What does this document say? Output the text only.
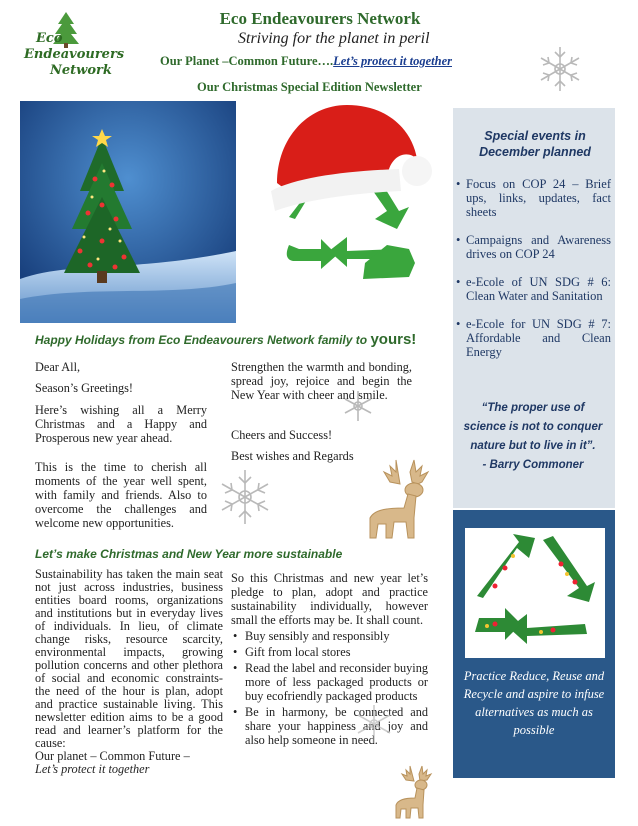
Eco
Endeavourers
Network
Eco Endeavourers Network
Striving for the planet in peril
Our Planet –Common Future….Let’s protect it together
Our Christmas Special Edition Newsletter
Special events in December planned
• Focus on COP 24 – Brief ups, links, updates, fact sheets
• Campaigns and Awareness drives on COP 24
• e-Ecole of UN SDG # 6: Clean Water and Sanitation
• e-Ecole for UN SDG # 7: Affordable and Clean Energy
“The proper use of science is not to conquer nature but to live in it”.
- Barry Commoner
Practice Reduce, Reuse and Recycle and aspire to infuse alternatives as much as possible
Happy Holidays from Eco Endeavourers Network family to yours!

Dear All,

Season’s Greetings!

Here’s wishing all a Merry Christmas and a Happy and Prosperous new year ahead.

This is the time to cherish all moments of the year well spent, with family and friends. Also to overcome the challenges and welcome new opportunities.

Strengthen the warmth and bonding, spread joy, rejoice and begin the New Year with cheer and smile.

Cheers and Success!

Best wishes and Regards

Let’s make Christmas and New Year more sustainable

Sustainability has taken the main seat not just across industries, business entities board rooms, organizations and institutions but in everyday lives of individuals. In lieu, of climate change risks, resource scarcity, environmental impacts, growing pollution concerns and other plethora of social and economic constraints- the need of the hour is plan, adopt and practice sustainable living. This newsletter edition aims to be a good read and learner’s platform for the cause:

Our planet – Common Future –

Let’s protect it together

So this Christmas and new year let’s pledge to plan, adopt and practice sustainability individually, however small the efforts may be. It shall count.

• Buy sensibly and responsibly
• Gift from local stores
• Read the label and reconsider buying more of less packaged products or buy ecofriendly packaged products
• Be in harmony, be connected and share your happiness and joy and also help someone in need.
